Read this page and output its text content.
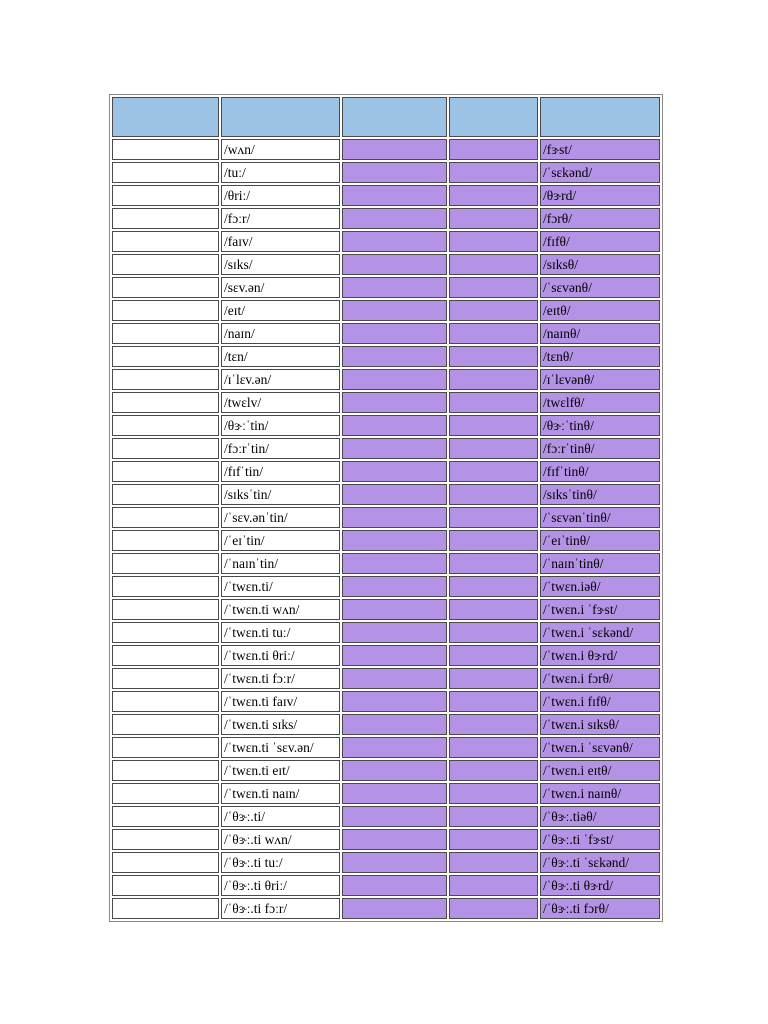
	/wʌn/			/fɝst/
	/tuː/			/ˈsɛkənd/
	/θriː/			/θɝrd/
	/fɔːr/			/fɔrθ/
	/faɪv/			/fɪfθ/
	/sɪks/			/sɪksθ/
	/sɛv.ən/			/ˈsɛvənθ/
	/eɪt/			/eɪtθ/
	/naɪn/			/naɪnθ/
	/tɛn/			/tɛnθ/
	/ɪˈlɛv.ən/			/ɪˈlɛvənθ/
	/twɛlv/			/twɛlfθ/
	/θɝːˈtin/			/θɝːˈtinθ/
	/fɔːrˈtin/			/fɔːrˈtinθ/
	/fɪfˈtin/			/fɪfˈtinθ/
	/sɪksˈtin/			/sɪksˈtinθ/
	/ˈsɛv.ənˈtin/			/ˈsɛvənˈtinθ/
	/ˈeɪˈtin/			/ˈeɪˈtinθ/
	/ˈnaɪnˈtin/			/ˈnaɪnˈtinθ/
	/ˈtwɛn.ti/			/ˈtwɛn.iəθ/
	/ˈtwɛn.ti wʌn/			/ˈtwɛn.i ˈfɝst/
	/ˈtwɛn.ti tuː/			/ˈtwɛn.i ˈsɛkənd/
	/ˈtwɛn.ti θriː/			/ˈtwɛn.i θɝrd/
	/ˈtwɛn.ti fɔːr/			/ˈtwɛn.i fɔrθ/
	/ˈtwɛn.ti faɪv/			/ˈtwɛn.i fɪfθ/
	/ˈtwɛn.ti sɪks/			/ˈtwɛn.i sɪksθ/
	/ˈtwɛn.ti ˈsɛv.ən/			/ˈtwɛn.i ˈsɛvənθ/
	/ˈtwɛn.ti eɪt/			/ˈtwɛn.i eɪtθ/
	/ˈtwɛn.ti naɪn/			/ˈtwɛn.i naɪnθ/
	/ˈθɝː.ti/			/ˈθɝː.tiəθ/
	/ˈθɝː.ti wʌn/			/ˈθɝː.ti ˈfɝst/
	/ˈθɝː.ti tuː/			/ˈθɝː.ti ˈsɛkənd/
	/ˈθɝː.ti θriː/			/ˈθɝː.ti θɝrd/
	/ˈθɝː.ti fɔːr/			/ˈθɝː.ti fɔrθ/
